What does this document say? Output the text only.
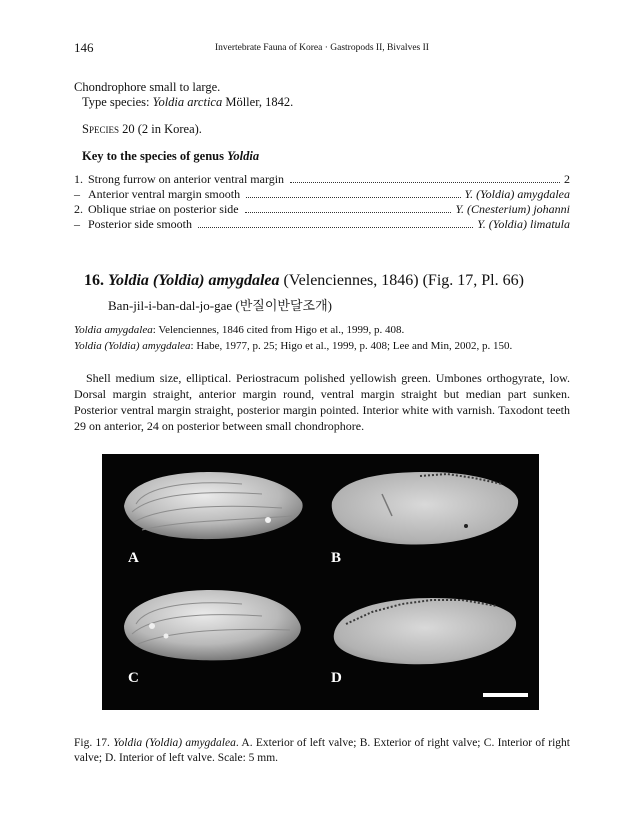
146	Invertebrate Fauna of Korea · Gastropods II, Bivalves II
Chondrophore small to large.
Type species: Yoldia arctica Möller, 1842.
Species 20 (2 in Korea).
Key to the species of genus Yoldia
1. Strong furrow on anterior ventral margin	2
– Anterior ventral margin smooth	Y. (Yoldia) amygdalea
2. Oblique striae on posterior side	Y. (Cnesterium) johanni
– Posterior side smooth	Y. (Yoldia) limatula
16. Yoldia (Yoldia) amygdalea (Velenciennes, 1846) (Fig. 17, Pl. 66)
Ban-jil-i-ban-dal-jo-gae (반질이반달조개)
Yoldia amygdalea: Velenciennes, 1846 cited from Higo et al., 1999, p. 408.
Yoldia (Yoldia) amygdalea: Habe, 1977, p. 25; Higo et al., 1999, p. 408; Lee and Min, 2002, p. 150.
Shell medium size, elliptical. Periostracum polished yellowish green. Umbones orthogyrate, low. Dorsal margin straight, anterior margin round, ventral margin straight but median part sunken. Posterior ventral margin straight, posterior margin pointed. Interior white with varnish. Taxodont teeth 29 on anterior, 24 on posterior between small chondrophore.
A	B
C	D
Fig. 17. Yoldia (Yoldia) amygdalea. A. Exterior of left valve; B. Exterior of right valve; C. Interior of right valve; D. Interior of left valve. Scale: 5 mm.
